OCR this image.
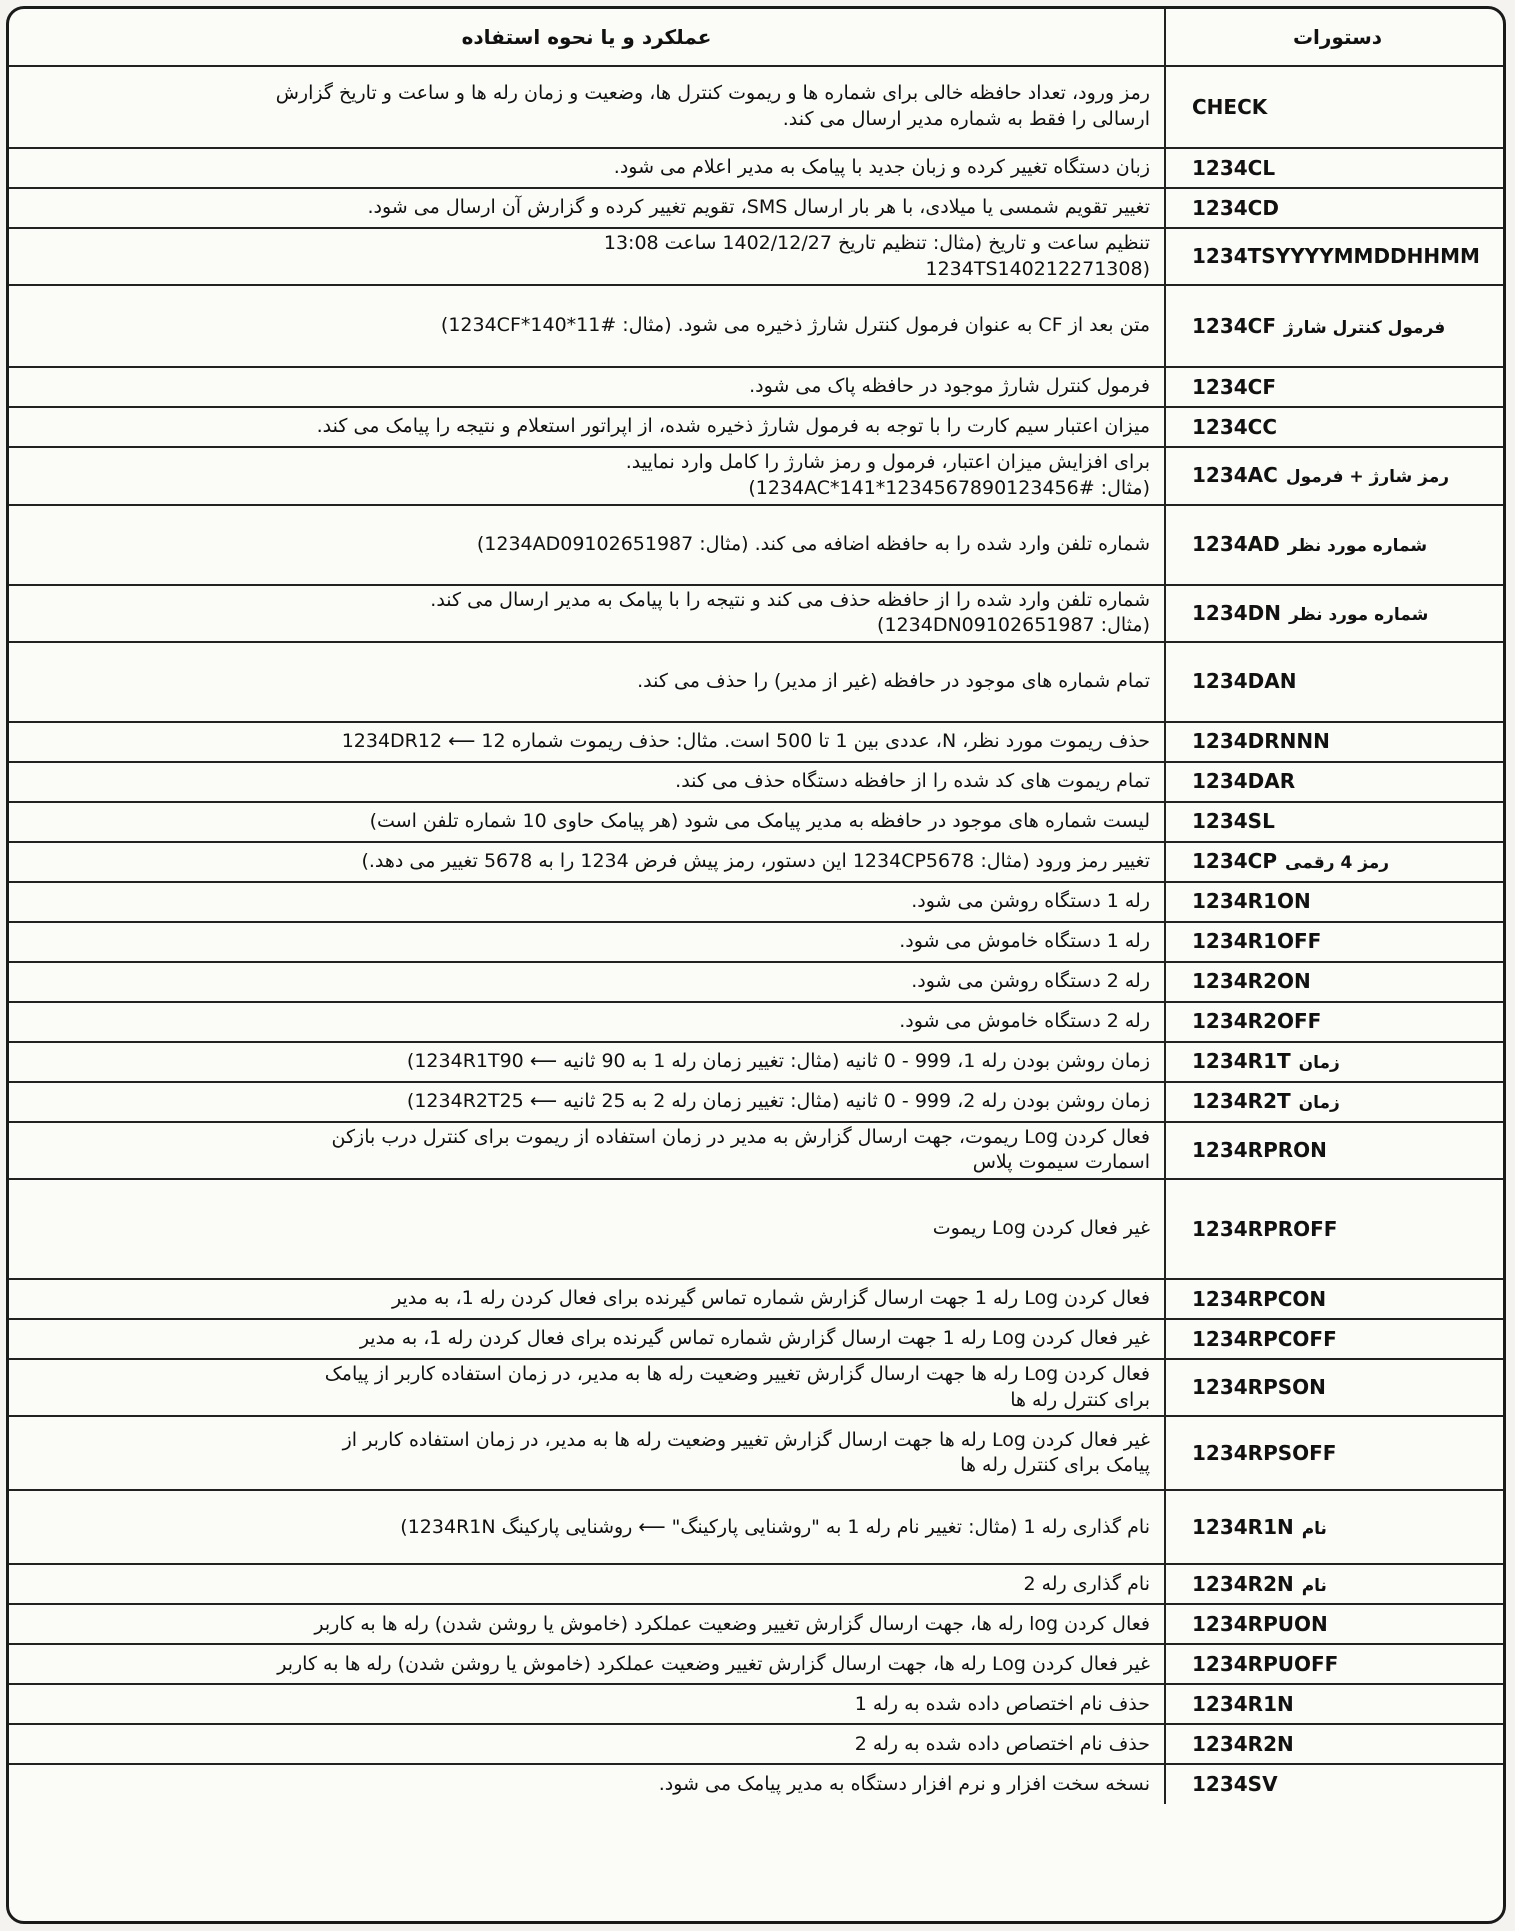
عملکرد و یا نحوه استفاده	دستورات

رمز ورود، تعداد حافظه خالی برای شماره ها و ریموت کنترل ها، وضعیت و زمان رله ها و ساعت و تاریخ گزارش
ارسالی را فقط به شماره مدیر ارسال می کند.	CHECK

زبان دستگاه تغییر کرده و زبان جدید با پیامک به مدیر اعلام می شود.	1234CL

تغییر تقویم شمسی یا میلادی، با هر بار ارسال SMS، تقویم تغییر کرده و گزارش آن ارسال می شود.	1234CD

تنظیم ساعت و تاریخ (مثال: تنظیم تاریخ 1402/12/27 ساعت 13:08
(1234TS140212271308	1234TSYYYYMMDDHHMM

متن بعد از CF به عنوان فرمول کنترل شارژ ذخیره می شود. (مثال: #11*140*1234CF)	1234CF فرمول کنترل شارژ

فرمول کنترل شارژ موجود در حافظه پاک می شود.	1234CF

میزان اعتبار سیم کارت را با توجه به فرمول شارژ ذخیره شده، از اپراتور استعلام و نتیجه را پیامک می کند.	1234CC

برای افزایش میزان اعتبار، فرمول و رمز شارژ را کامل وارد نمایید.
(مثال: #1234AC*141*1234567890123456)	1234AC رمز شارژ + فرمول

شماره تلفن وارد شده را به حافظه اضافه می کند. (مثال: 1234AD09102651987)	1234AD شماره مورد نظر

شماره تلفن وارد شده را از حافظه حذف می کند و نتیجه را با پیامک به مدیر ارسال می کند.
(مثال: 1234DN09102651987)	1234DN شماره مورد نظر

تمام شماره های موجود در حافظه (غیر از مدیر) را حذف می کند.	1234DAN

حذف ریموت مورد نظر، N، عددی بین 1 تا 500 است. مثال: حذف ریموت شماره 12 ⟵ 1234DR12	1234DRNNN

تمام ریموت های کد شده را از حافظه دستگاه حذف می کند.	1234DAR

لیست شماره های موجود در حافظه به مدیر پیامک می شود (هر پیامک حاوی 10 شماره تلفن است)	1234SL

تغییر رمز ورود (مثال: 1234CP5678 این دستور، رمز پیش فرض 1234 را به 5678 تغییر می دهد.)	1234CP رمز 4 رقمی

رله 1 دستگاه روشن می شود.	1234R1ON

رله 1 دستگاه خاموش می شود.	1234R1OFF

رله 2 دستگاه روشن می شود.	1234R2ON

رله 2 دستگاه خاموش می شود.	1234R2OFF

زمان روشن بودن رله 1، 999 - 0 ثانیه (مثال: تغییر زمان رله 1 به 90 ثانیه ⟵ 1234R1T90)	1234R1T زمان

زمان روشن بودن رله 2، 999 - 0 ثانیه (مثال: تغییر زمان رله 2 به 25 ثانیه ⟵ 1234R2T25)	1234R2T زمان

فعال کردن Log ریموت، جهت ارسال گزارش به مدیر در زمان استفاده از ریموت برای کنترل درب بازکن
اسمارت سیموت پلاس	1234RPRON

غیر فعال کردن Log ریموت	1234RPROFF

فعال کردن Log رله 1 جهت ارسال گزارش شماره تماس گیرنده برای فعال کردن رله 1، به مدیر	1234RPCON

غیر فعال کردن Log رله 1 جهت ارسال گزارش شماره تماس گیرنده برای فعال کردن رله 1، به مدیر	1234RPCOFF

فعال کردن Log رله ها جهت ارسال گزارش تغییر وضعیت رله ها به مدیر، در زمان استفاده کاربر از پیامک
برای کنترل رله ها	1234RPSON

غیر فعال کردن Log رله ها جهت ارسال گزارش تغییر وضعیت رله ها به مدیر، در زمان استفاده کاربر از
پیامک برای کنترل رله ها	1234RPSOFF

نام گذاری رله 1 (مثال: تغییر نام رله 1 به "روشنایی پارکینگ" ⟵ روشنایی پارکینگ 1234R1N)	1234R1N نام

نام گذاری رله 2	1234R2N نام

فعال کردن log رله ها، جهت ارسال گزارش تغییر وضعیت عملکرد (خاموش یا روشن شدن) رله ها به کاربر	1234RPUON

غیر فعال کردن Log رله ها، جهت ارسال گزارش تغییر وضعیت عملکرد (خاموش یا روشن شدن) رله ها به کاربر	1234RPUOFF

حذف نام اختصاص داده شده به رله 1	1234R1N

حذف نام اختصاص داده شده به رله 2	1234R2N

نسخه سخت افزار و نرم افزار دستگاه به مدیر پیامک می شود.	1234SV
